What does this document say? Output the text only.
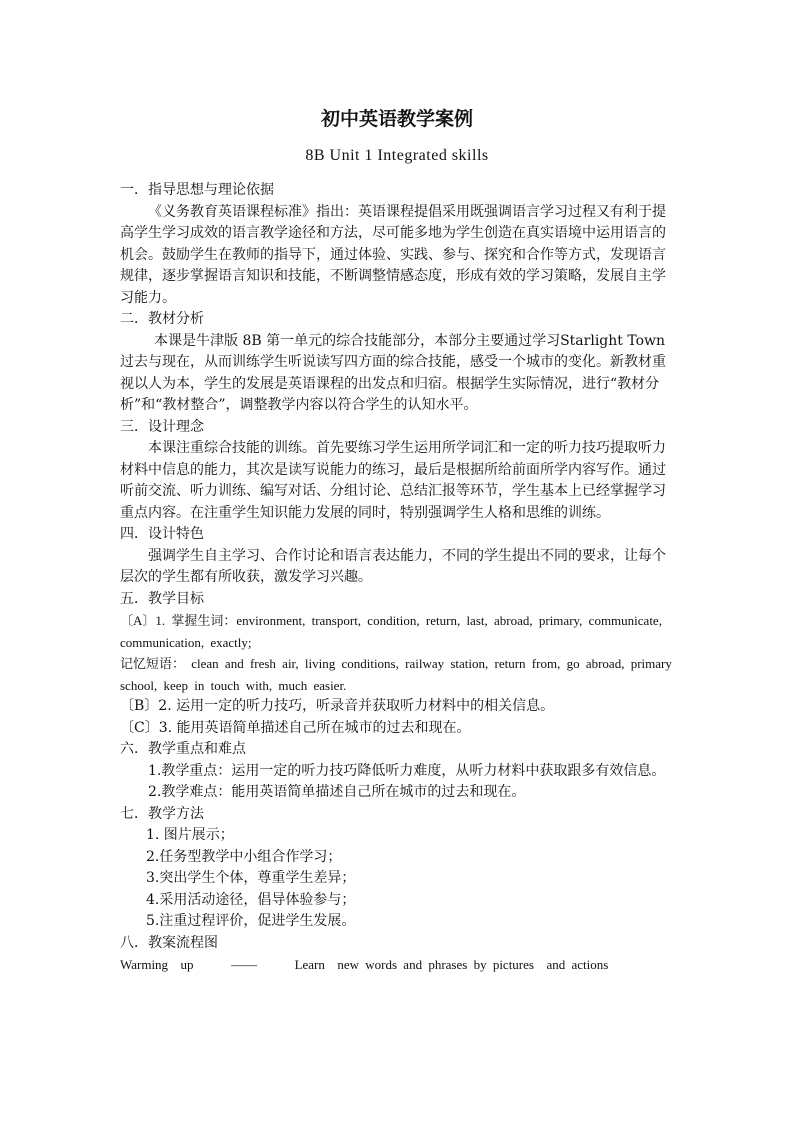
初中英语教学案例
8B Unit 1 Integrated skills

一．指导思想与理论依据

《义务教育英语课程标准》指出：英语课程提倡采用既强调语言学习过程又有利于提高学生学习成效的语言教学途径和方法，尽可能多地为学生创造在真实语境中运用语言的机会。鼓励学生在教师的指导下，通过体验、实践、参与、探究和合作等方式，发现语言规律，逐步掌握语言知识和技能，不断调整情感态度，形成有效的学习策略，发展自主学习能力。

二．教材分析

本课是牛津版 8B 第一单元的综合技能部分，本部分主要通过学习Starlight Town 过去与现在，从而训练学生听说读写四方面的综合技能，感受一个城市的变化。新教材重视以人为本，学生的发展是英语课程的出发点和归宿。根据学生实际情况，进行“教材分析”和“教材整合”，调整教学内容以符合学生的认知水平。

三．设计理念

本课注重综合技能的训练。首先要练习学生运用所学词汇和一定的听力技巧提取听力材料中信息的能力，其次是读写说能力的练习，最后是根据所给前面所学内容写作。通过听前交流、听力训练、编写对话、分组讨论、总结汇报等环节，学生基本上已经掌握学习重点内容。在注重学生知识能力发展的同时，特别强调学生人格和思维的训练。

四．设计特色

强调学生自主学习、合作讨论和语言表达能力，不同的学生提出不同的要求，让每个层次的学生都有所收获，激发学习兴趣。

五．教学目标

〔A〕1. 掌握生词：environment, transport, condition, return, last, abroad, primary, communicate, communication, exactly;

记忆短语： clean and fresh air, living conditions, railway station, return from, go abroad, primary school, keep in touch with, much easier.

〔B〕2. 运用一定的听力技巧，听录音并获取听力材料中的相关信息。

〔C〕3. 能用英语简单描述自己所在城市的过去和现在。

六．教学重点和难点

1.教学重点：运用一定的听力技巧降低听力难度，从听力材料中获取跟多有效信息。

2.教学难点：能用英语简单描述自己所在城市的过去和现在。

七．教学方法

1. 图片展示；

2.任务型教学中小组合作学习；

3.突出学生个体，尊重学生差异；

4.采用活动途径，倡导体验参与；

5.注重过程评价，促进学生发展。

八．教案流程图

Warming  up	——	Learn  new words and phrases by pictures  and actions
